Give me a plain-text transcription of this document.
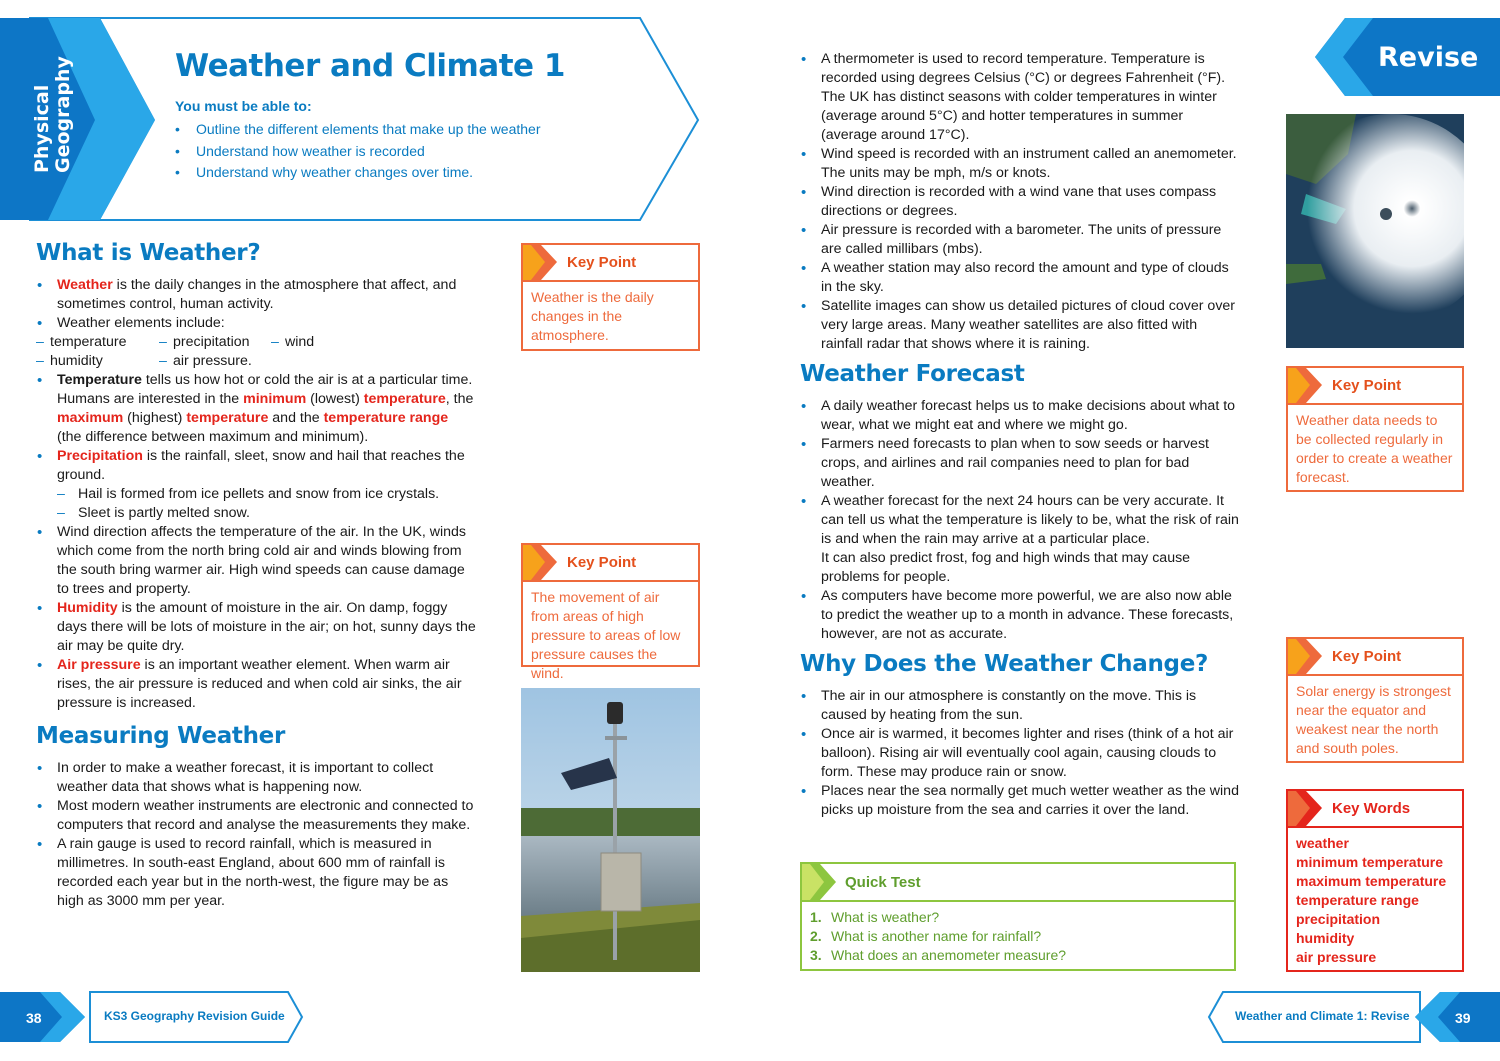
Physical Geography	Weather and Climate 1
You must be able to:
• Outline the different elements that make up the weather
• Understand how weather is recorded
• Understand why weather changes over time.
Revise
What is Weather?
• Weather is the daily changes in the atmosphere that affect, and sometimes control, human activity.
• Weather elements include:
– temperature	– precipitation	– wind
– humidity	– air pressure.
• Temperature tells us how hot or cold the air is at a particular time. Humans are interested in the minimum (lowest) temperature, the maximum (highest) temperature and the temperature range (the difference between maximum and minimum).
• Precipitation is the rainfall, sleet, snow and hail that reaches the ground.
– Hail is formed from ice pellets and snow from ice crystals.
– Sleet is partly melted snow.
• Wind direction affects the temperature of the air. In the UK, winds which come from the north bring cold air and winds blowing from the south bring warmer air. High wind speeds can cause damage to trees and property.
• Humidity is the amount of moisture in the air. On damp, foggy days there will be lots of moisture in the air; on hot, sunny days the air may be quite dry.
• Air pressure is an important weather element. When warm air rises, the air pressure is reduced and when cold air sinks, the air pressure is increased.
Measuring Weather
• In order to make a weather forecast, it is important to collect weather data that shows what is happening now.
• Most modern weather instruments are electronic and connected to computers that record and analyse the measurements they make.
• A rain gauge is used to record rainfall, which is measured in millimetres. In south-east England, about 600 mm of rainfall is recorded each year but in the north-west, the figure may be as high as 3000 mm per year.
Key Point
Weather is the daily changes in the atmosphere.
Key Point
The movement of air from areas of high pressure to areas of low pressure causes the wind.
• A thermometer is used to record temperature. Temperature is recorded using degrees Celsius (°C) or degrees Fahrenheit (°F). The UK has distinct seasons with colder temperatures in winter (average around 5°C) and hotter temperatures in summer (average around 17°C).
• Wind speed is recorded with an instrument called an anemometer. The units may be mph, m/s or knots.
• Wind direction is recorded with a wind vane that uses compass directions or degrees.
• Air pressure is recorded with a barometer. The units of pressure are called millibars (mbs).
• A weather station may also record the amount and type of clouds in the sky.
• Satellite images can show us detailed pictures of cloud cover over very large areas. Many weather satellites are also fitted with rainfall radar that shows where it is raining.
Weather Forecast
• A daily weather forecast helps us to make decisions about what to wear, what we might eat and where we might go.
• Farmers need forecasts to plan when to sow seeds or harvest crops, and airlines and rail companies need to plan for bad weather.
• A weather forecast for the next 24 hours can be very accurate. It can tell us what the temperature is likely to be, what the risk of rain is and when the rain may arrive at a particular place.
It can also predict frost, fog and high winds that may cause problems for people.
• As computers have become more powerful, we are also now able to predict the weather up to a month in advance. These forecasts, however, are not as accurate.
Why Does the Weather Change?
• The air in our atmosphere is constantly on the move. This is caused by heating from the sun.
• Once air is warmed, it becomes lighter and rises (think of a hot air balloon). Rising air will eventually cool again, causing clouds to form. These may produce rain or snow.
• Places near the sea normally get much wetter weather as the wind picks up moisture from the sea and carries it over the land.
Quick Test
1. What is weather?
2. What is another name for rainfall?
3. What does an anemometer measure?
Key Point
Weather data needs to be collected regularly in order to create a weather forecast.
Key Point
Solar energy is strongest near the equator and weakest near the north and south poles.
Key Words
weather
minimum temperature
maximum temperature
temperature range
precipitation
humidity
air pressure
38	KS3 Geography Revision Guide	Weather and Climate 1: Revise	39
